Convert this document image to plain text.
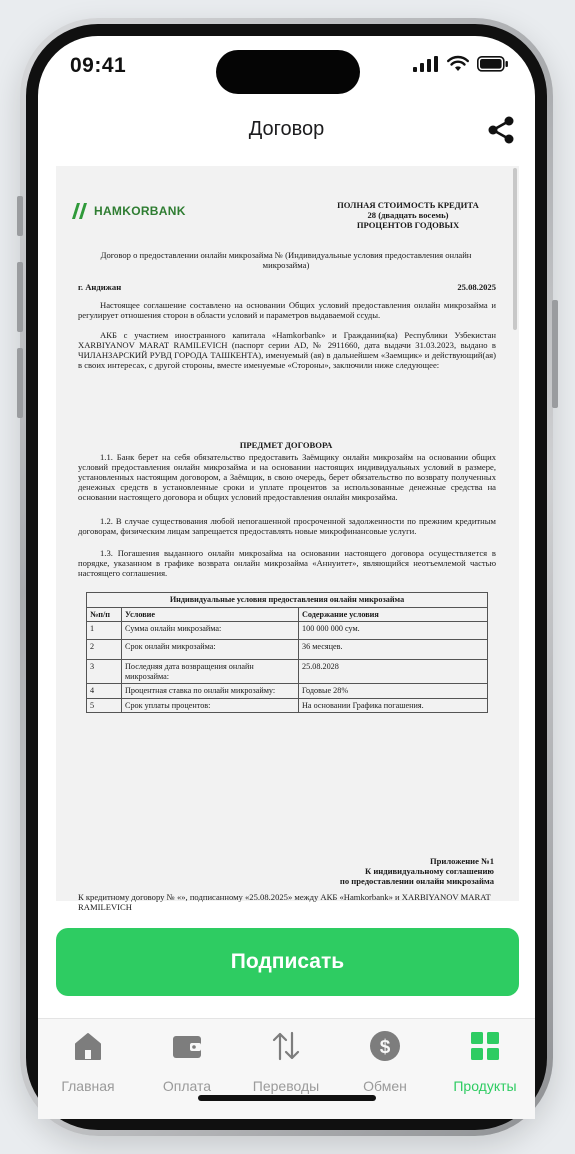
09:41
Договор
HAMKORBANK	ПОЛНАЯ СТОИМОСТЬ КРЕДИТА
28 (двадцать восемь)
ПРОЦЕНТОВ ГОДОВЫХ
Договор о предоставлении онлайн микрозайма № (Индивидуальные условия предоставления онлайн микрозайма)
г. Андижан	25.08.2025
Настоящее соглашение составлено на основании Общих условий предоставления онлайн микрозайма и регулирует отношения сторон в области условий и параметров выдаваемой ссуды.
АКБ с участием иностранного капитала «Hamkorbank» и Гражданин(ка) Республики Узбекистан XARBIYANOV MARAT RAMILEVICH (паспорт серии AD, № 2911660, дата выдачи 31.03.2023, выдано в ЧИЛАНЗАРСКИЙ РУВД ГОРОДА ТАШКЕНТА), именуемый (ая) в дальнейшем «Заемщик» и действующий(ая) в своих интересах, с другой стороны, вместе именуемые «Стороны», заключили ниже следующее:
ПРЕДМЕТ ДОГОВОРА
1.1. Банк берет на себя обязательство предоставить Заёмщику онлайн микрозайм на основании общих условий предоставления онлайн микрозайма и на основании настоящих индивидуальных условий в размере, установленных настоящим договором, а Заёмщик, в свою очередь, берет обязательство по возврату полученных денежных средств в установленные сроки и уплате процентов за использованные денежные средства на основании настоящего договора и общих условий предоставления онлайн микрозайма.
1.2. В случае существования любой непогашенной просроченной задолженности по прежним кредитным договорам, физическим лицам запрещается предоставлять новые микрофинансовые услуги.
1.3. Погашения выданного онлайн микрозайма на основании настоящего договора осуществляется в порядке, указанном в графике возврата онлайн микрозайма «Аннуитет», являющийся неотъемлемой частью настоящего соглашения.
Индивидуальные условия предоставления онлайн микрозайма		
№п/п	Условие	Содержание условия
1	Сумма онлайн микрозайма:	100 000 000 сум.
2	Срок онлайн микрозайма:	36 месяцев.
3	Последняя дата возвращения онлайн микрозайма:	25.08.2028
4	Процентная ставка по онлайн микрозайму:	Годовые 28%
5	Срок уплаты процентов:	На основании Графика погашения.
Приложение №1
К индивидуальному соглашению
по предоставлении онлайн микрозайма
К кредитному договору № «», подписанному «25.08.2025» между АКБ «Hamkorbank» и XARBIYANOV MARAT RAMILEVICH
Подписать
Главная	Оплата	Переводы
$
Обмен	Продукты
